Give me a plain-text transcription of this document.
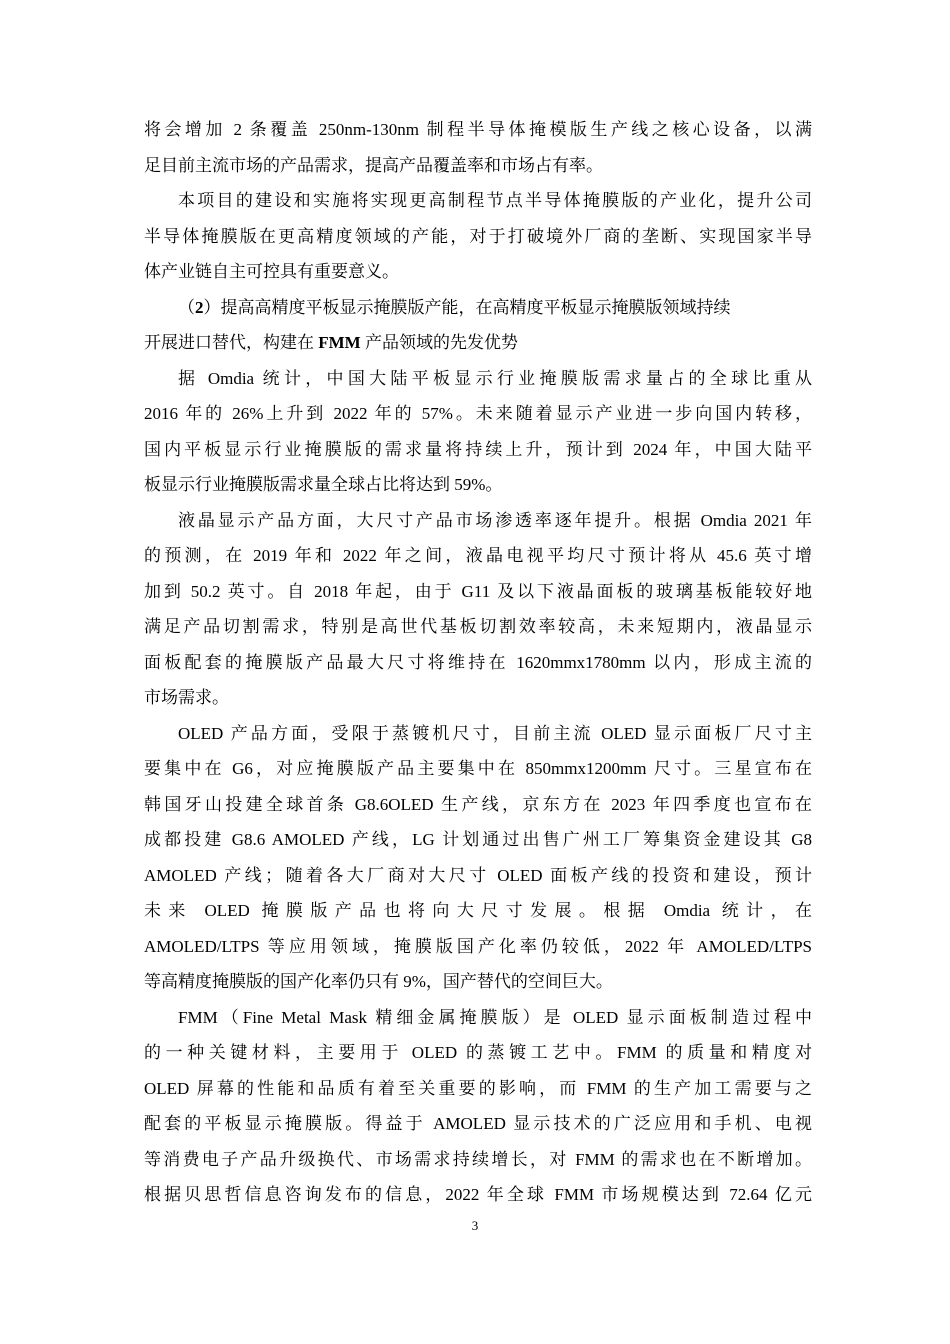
将会增加 2 条覆盖 250nm-130nm 制程半导体掩模版生产线之核心设备，以满
足目前主流市场的产品需求，提高产品覆盖率和市场占有率。
本项目的建设和实施将实现更高制程节点半导体掩膜版的产业化，提升公司
半导体掩膜版在更高精度领域的产能，对于打破境外厂商的垄断、实现国家半导
体产业链自主可控具有重要意义。
（2）提高高精度平板显示掩膜版产能，在高精度平板显示掩膜版领域持续
开展进口替代，构建在 FMM 产品领域的先发优势
据 Omdia 统计，中国大陆平板显示行业掩膜版需求量占的全球比重从
2016 年的 26%上升到 2022 年的 57%。未来随着显示产业进一步向国内转移，
国内平板显示行业掩膜版的需求量将持续上升，预计到 2024 年，中国大陆平
板显示行业掩膜版需求量全球占比将达到 59%。
液晶显示产品方面，大尺寸产品市场渗透率逐年提升。根据 Omdia 2021 年
的预测，在 2019 年和 2022 年之间，液晶电视平均尺寸预计将从 45.6 英寸增
加到 50.2 英寸。自 2018 年起，由于 G11 及以下液晶面板的玻璃基板能较好地
满足产品切割需求，特别是高世代基板切割效率较高，未来短期内，液晶显示
面板配套的掩膜版产品最大尺寸将维持在 1620mmx1780mm 以内，形成主流的
市场需求。
OLED 产品方面，受限于蒸镀机尺寸，目前主流 OLED 显示面板厂尺寸主
要集中在 G6，对应掩膜版产品主要集中在 850mmx1200mm 尺寸。三星宣布在
韩国牙山投建全球首条 G8.6OLED 生产线，京东方在 2023 年四季度也宣布在
成都投建 G8.6 AMOLED 产线，LG 计划通过出售广州工厂筹集资金建设其 G8
AMOLED 产线；随着各大厂商对大尺寸 OLED 面板产线的投资和建设，预计
未来 OLED 掩膜版产品也将向大尺寸发展。根据 Omdia 统计，在
AMOLED/LTPS 等应用领域，掩膜版国产化率仍较低，2022 年 AMOLED/LTPS
等高精度掩膜版的国产化率仍只有 9%，国产替代的空间巨大。
FMM（Fine Metal Mask 精细金属掩膜版）是 OLED 显示面板制造过程中
的一种关键材料，主要用于 OLED 的蒸镀工艺中。FMM 的质量和精度对
OLED 屏幕的性能和品质有着至关重要的影响，而 FMM 的生产加工需要与之
配套的平板显示掩膜版。得益于 AMOLED 显示技术的广泛应用和手机、电视
等消费电子产品升级换代、市场需求持续增长，对 FMM 的需求也在不断增加。
根据贝思哲信息咨询发布的信息，2022 年全球 FMM 市场规模达到 72.64 亿元
3
